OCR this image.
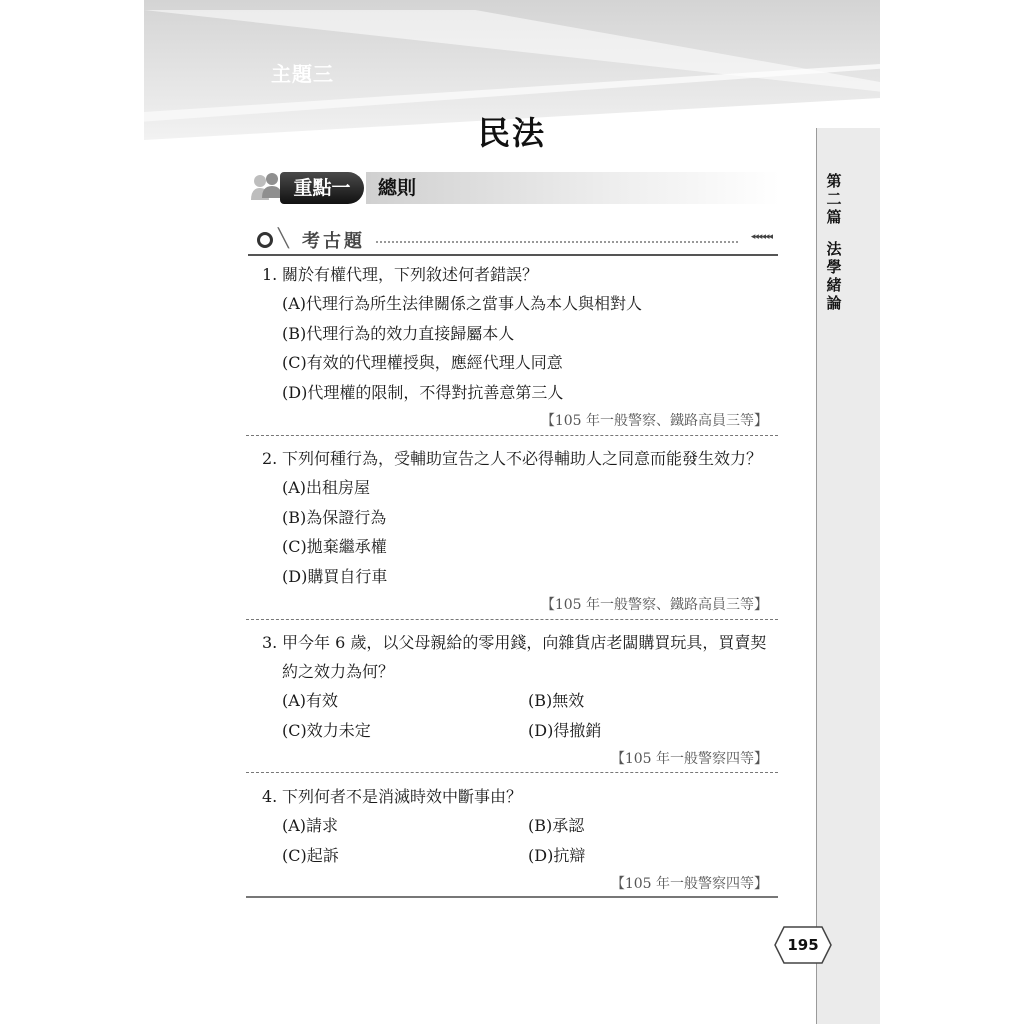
主題三
民法
重點一	總則
╲ 考古題	◂◂◂◂◂◂
1. 關於有權代理，下列敘述何者錯誤？
(A)代理行為所生法律關係之當事人為本人與相對人
(B)代理行為的效力直接歸屬本人
(C)有效的代理權授與，應經代理人同意
(D)代理權的限制，不得對抗善意第三人
【105 年一般警察、鐵路高員三等】
2. 下列何種行為，受輔助宣告之人不必得輔助人之同意而能發生效力？
(A)出租房屋
(B)為保證行為
(C)拋棄繼承權
(D)購買自行車
【105 年一般警察、鐵路高員三等】
3. 甲今年 6 歲，以父母親給的零用錢，向雜貨店老闆購買玩具，買賣契約之效力為何？
(A)有效	(B)無效
(C)效力未定	(D)得撤銷
【105 年一般警察四等】
4. 下列何者不是消滅時效中斷事由？
(A)請求	(B)承認
(C)起訴	(D)抗辯
【105 年一般警察四等】
第
二
篇
法
學
緒
論
195
